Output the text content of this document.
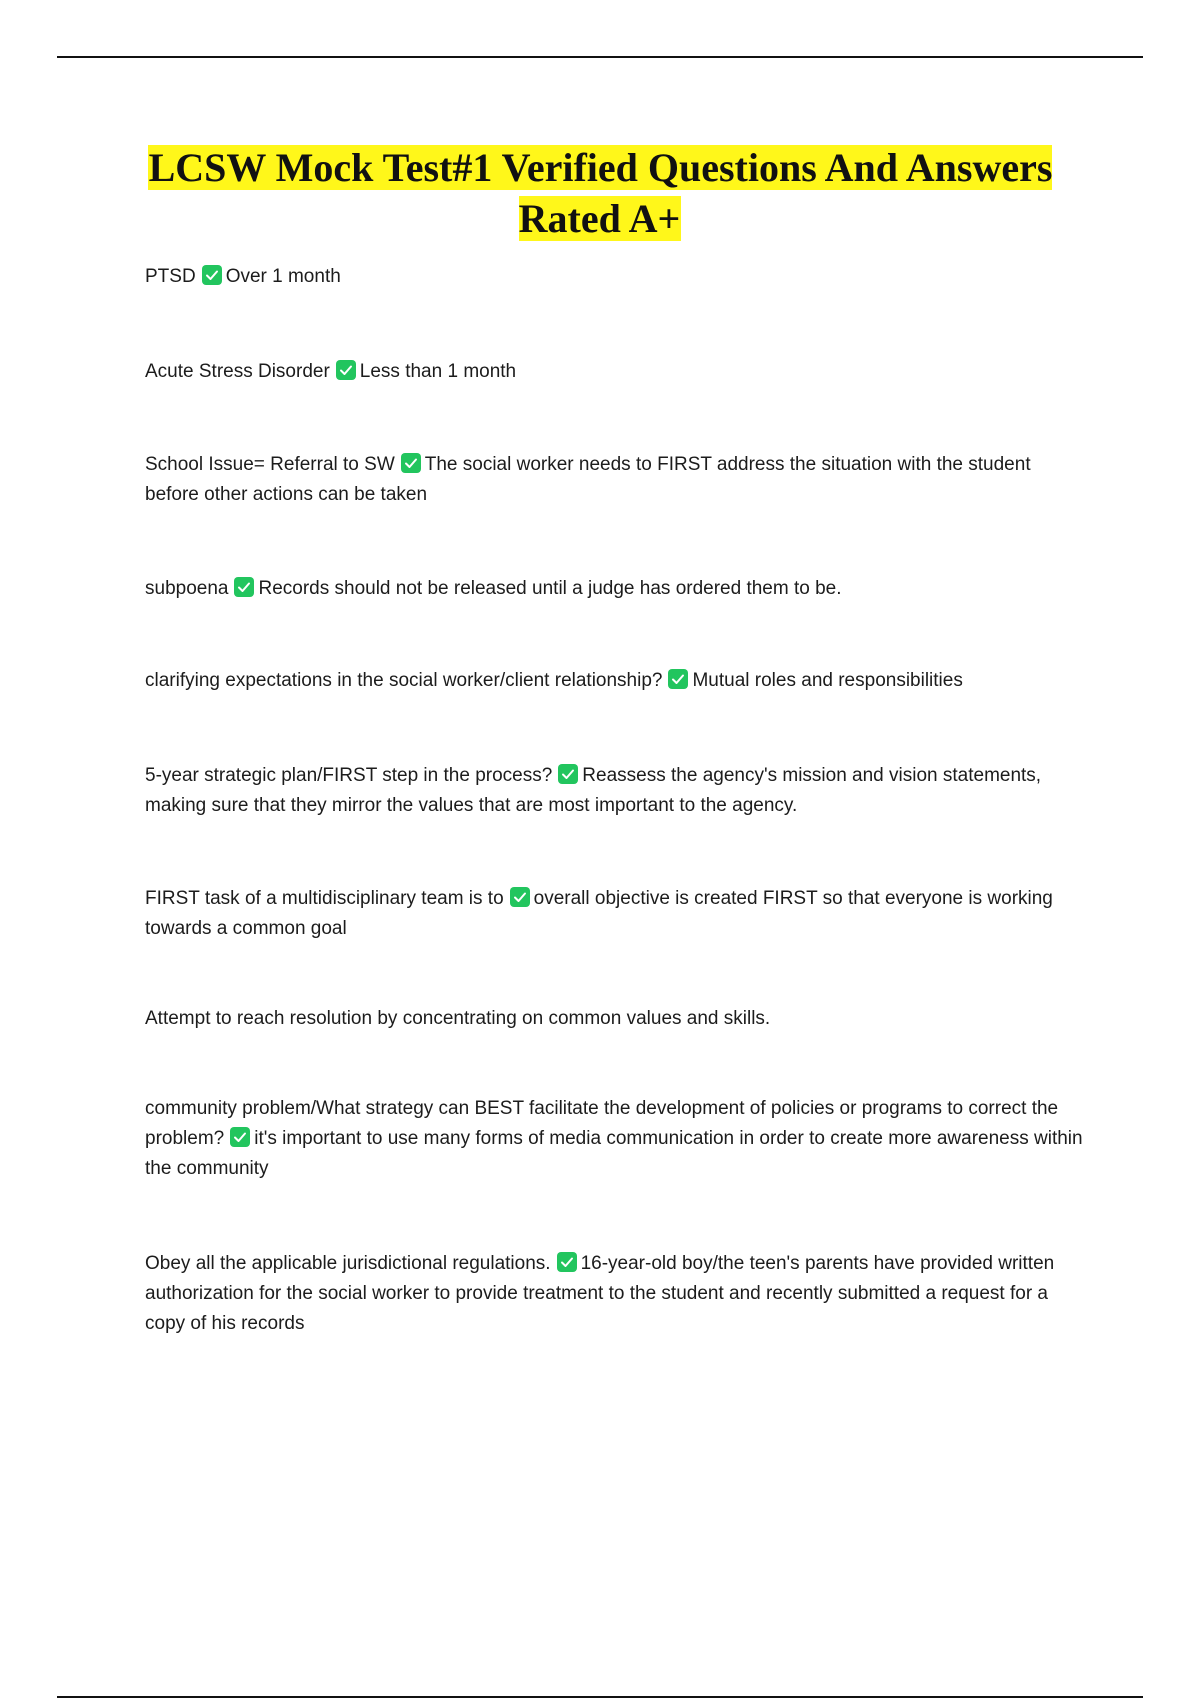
LCSW Mock Test#1 Verified Questions And Answers Rated A+

PTSD Over 1 month

Acute Stress Disorder Less than 1 month

School Issue= Referral to SW The social worker needs to FIRST address the situation with the student before other actions can be taken

subpoena Records should not be released until a judge has ordered them to be.

clarifying expectations in the social worker/client relationship? Mutual roles and responsibilities

5-year strategic plan/FIRST step in the process? Reassess the agency's mission and vision statements, making sure that they mirror the values that are most important to the agency.

FIRST task of a multidisciplinary team is to overall objective is created FIRST so that everyone is working towards a common goal

Attempt to reach resolution by concentrating on common values and skills.

community problem/What strategy can BEST facilitate the development of policies or programs to correct the problem? it's important to use many forms of media communication in order to create more awareness within the community

Obey all the applicable jurisdictional regulations. 16-year-old boy/the teen's parents have provided written authorization for the social worker to provide treatment to the student and recently submitted a request for a copy of his records
